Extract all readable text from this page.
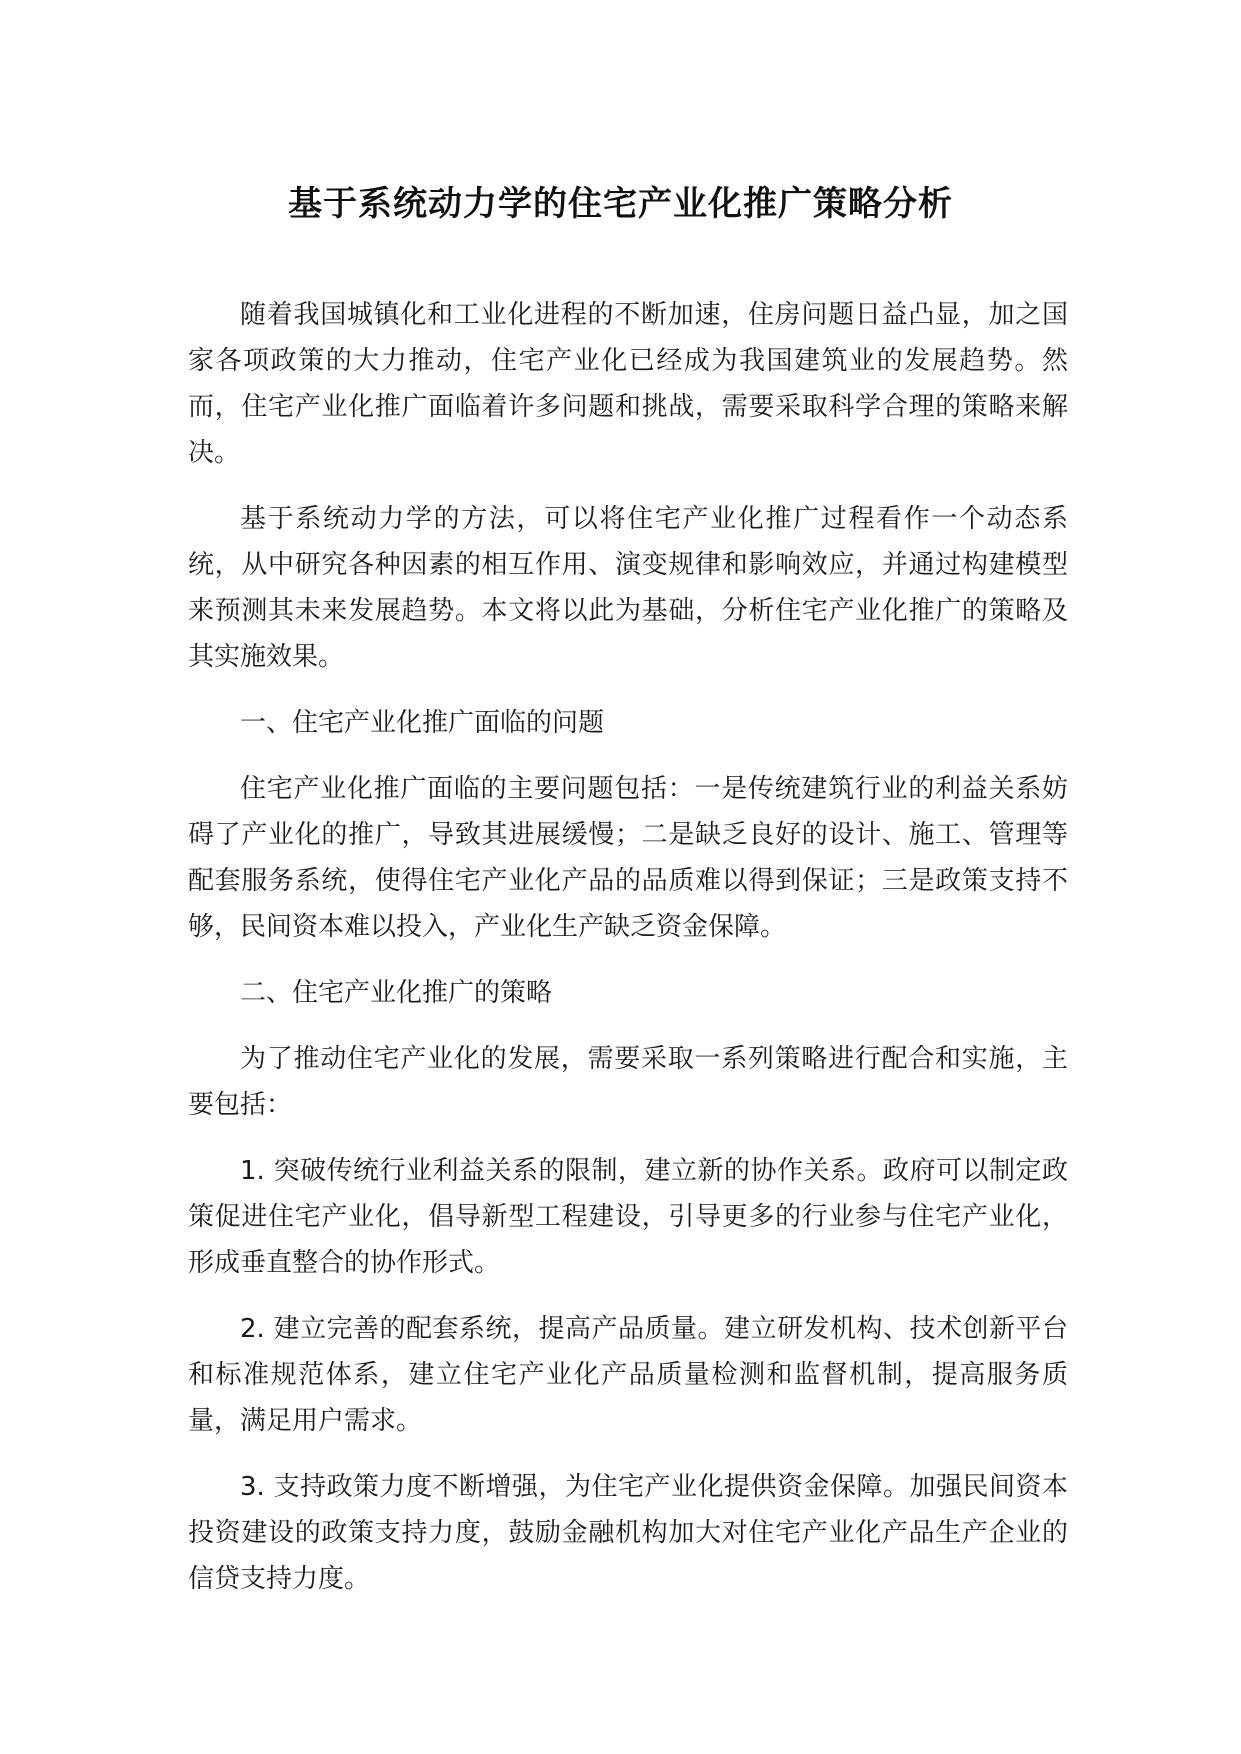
基于系统动力学的住宅产业化推广策略分析

随着我国城镇化和工业化进程的不断加速，住房问题日益凸显，加之国家各项政策的大力推动，住宅产业化已经成为我国建筑业的发展趋势。然而，住宅产业化推广面临着许多问题和挑战，需要采取科学合理的策略来解决。

基于系统动力学的方法，可以将住宅产业化推广过程看作一个动态系统，从中研究各种因素的相互作用、演变规律和影响效应，并通过构建模型来预测其未来发展趋势。本文将以此为基础，分析住宅产业化推广的策略及其实施效果。

一、住宅产业化推广面临的问题

住宅产业化推广面临的主要问题包括：一是传统建筑行业的利益关系妨碍了产业化的推广，导致其进展缓慢；二是缺乏良好的设计、施工、管理等配套服务系统，使得住宅产业化产品的品质难以得到保证；三是政策支持不够，民间资本难以投入，产业化生产缺乏资金保障。

二、住宅产业化推广的策略

为了推动住宅产业化的发展，需要采取一系列策略进行配合和实施，主要包括：

1. 突破传统行业利益关系的限制，建立新的协作关系。政府可以制定政策促进住宅产业化，倡导新型工程建设，引导更多的行业参与住宅产业化，形成垂直整合的协作形式。

2. 建立完善的配套系统，提高产品质量。建立研发机构、技术创新平台和标准规范体系，建立住宅产业化产品质量检测和监督机制，提高服务质量，满足用户需求。

3. 支持政策力度不断增强，为住宅产业化提供资金保障。加强民间资本投资建设的政策支持力度，鼓励金融机构加大对住宅产业化产品生产企业的信贷支持力度。
